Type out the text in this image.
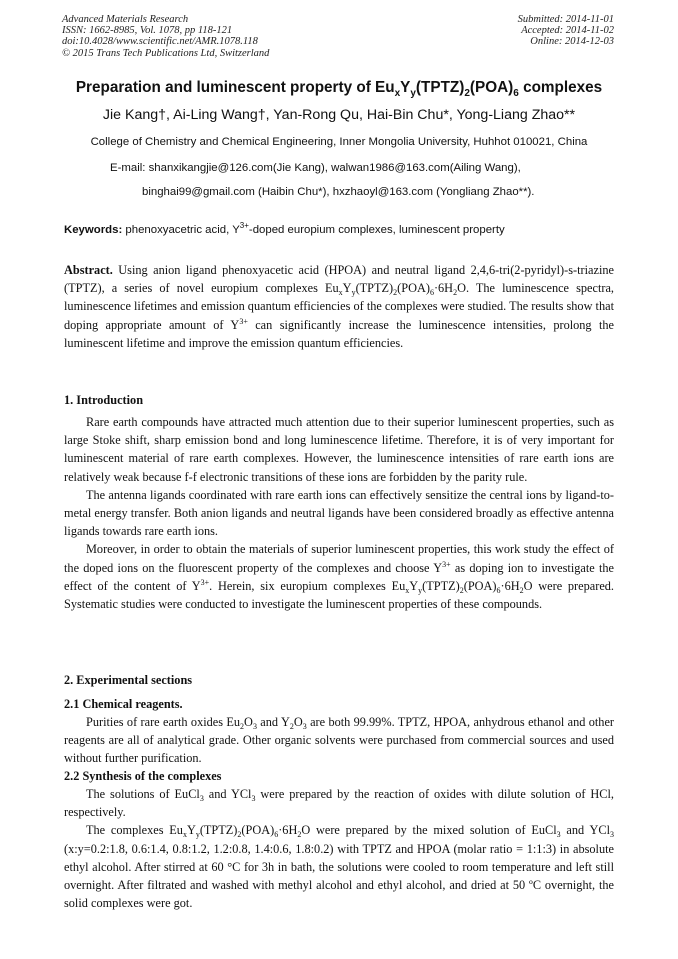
Advanced Materials Research
ISSN: 1662-8985, Vol. 1078, pp 118-121
doi:10.4028/www.scientific.net/AMR.1078.118
© 2015 Trans Tech Publications Ltd, Switzerland
Submitted: 2014-11-01
Accepted: 2014-11-02
Online: 2014-12-03
Preparation and luminescent property of $Eu_xY_y(TPTZ)_2(POA)_6$ complexes
Jie Kang†, Ai-Ling Wang†, Yan-Rong Qu, Hai-Bin Chu*, Yong-Liang Zhao**
College of Chemistry and Chemical Engineering, Inner Mongolia University, Huhhot 010021, China
E-mail: shanxikangjie@126.com(Jie Kang), walwan1986@163.com(Ailing Wang),
binghai99@gmail.com (Haibin Chu*), hxzhaoyl@163.com (Yongliang Zhao**).
Keywords: phenoxyacetric acid, $Y^{3+}$-doped europium complexes, luminescent property

Abstract. Using anion ligand phenoxyacetic acid (HPOA) and neutral ligand 2,4,6-tri(2-pyridyl)-s-triazine (TPTZ), a series of novel europium complexes $Eu_xY_y(TPTZ)_2(POA)_6\cdot 6H_2O$. The luminescence spectra, luminescence lifetimes and emission quantum efficiencies of the complexes were studied. The results show that doping appropriate amount of $Y^{3+}$ can significantly increase the luminescence intensities, prolong the luminescent lifetime and improve the emission quantum efficiencies.

1. Introduction

Rare earth compounds have attracted much attention due to their superior luminescent properties, such as large Stoke shift, sharp emission bond and long luminescence lifetime. Therefore, it is of very important for luminescent material of rare earth complexes. However, the luminescence intensities of rare earth ions are relatively weak because f-f electronic transitions of these ions are forbidden by the parity rule.

The antenna ligands coordinated with rare earth ions can effectively sensitize the central ions by ligand-to-metal energy transfer. Both anion ligands and neutral ligands have been considered broadly as effective antenna ligands towards rare earth ions.

Moreover, in order to obtain the materials of superior luminescent properties, this work study the effect of the doped ions on the fluorescent property of the complexes and choose $Y^{3+}$ as doping ion to investigate the effect of the content of $Y^{3+}$. Herein, six europium complexes $Eu_xY_y(TPTZ)_2(POA)_6\cdot 6H_2O$ were prepared. Systematic studies were conducted to investigate the luminescent properties of these compounds.

2. Experimental sections
2.1 Chemical reagents.

Purities of rare earth oxides $Eu_2O_3$ and $Y_2O_3$ are both 99.99%. TPTZ, HPOA, anhydrous ethanol and other reagents are all of analytical grade. Other organic solvents were purchased from commercial sources and used without further purification.

2.2 Synthesis of the complexes

The solutions of EuCl$_3$ and YCl$_3$ were prepared by the reaction of oxides with dilute solution of HCl, respectively.

The complexes $Eu_xY_y(TPTZ)_2(POA)_6\cdot 6H_2O$ were prepared by the mixed solution of EuCl$_3$ and YCl$_3$ (x:y=0.2:1.8, 0.6:1.4, 0.8:1.2, 1.2:0.8, 1.4:0.6, 1.8:0.2) with TPTZ and HPOA (molar ratio = 1:1:3) in absolute ethyl alcohol. After stirred at 60 °C for 3h in bath, the solutions were cooled to room temperature and left still overnight. After filtrated and washed with methyl alcohol and ethyl alcohol, and dried at 50 ºC overnight, the solid complexes were got.
